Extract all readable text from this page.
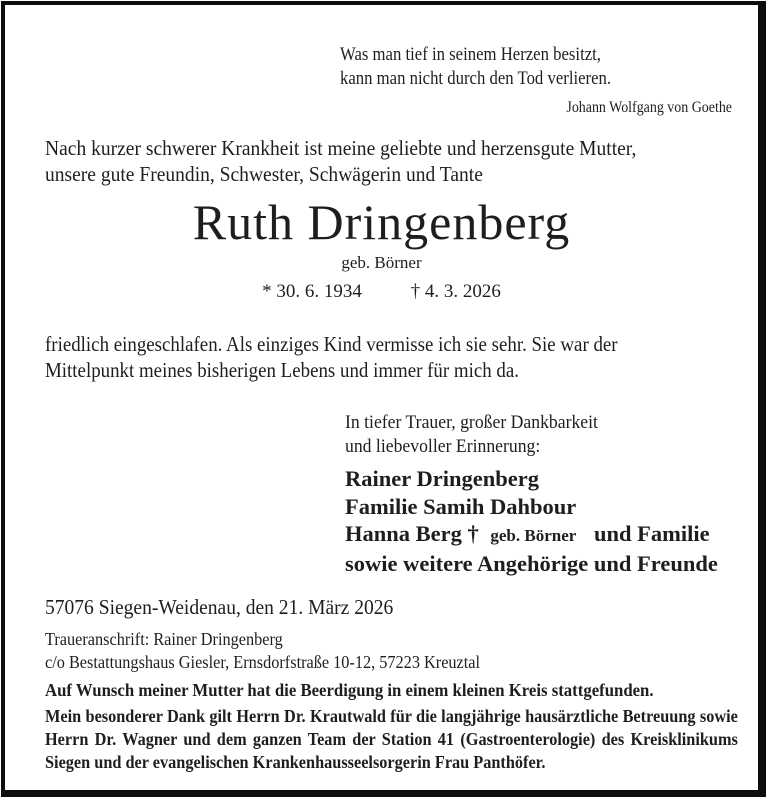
Was man tief in seinem Herzen besitzt,

kann man nicht durch den Tod verlieren.

Johann Wolfgang von Goethe

Nach kurzer schwerer Krankheit ist meine geliebte und herzensgute Mutter,

unsere gute Freundin, Schwester, Schwägerin und Tante

Ruth Dringenberg

geb. Börner

* 30. 6. 1934	† 4. 3. 2026

friedlich eingeschlafen. Als einziges Kind vermisse ich sie sehr. Sie war der

Mittelpunkt meines bisherigen Lebens und immer für mich da.

In tiefer Trauer, großer Dankbarkeit

und liebevoller Erinnerung:

Rainer Dringenberg

Familie Samih Dahbour

Hanna Berg † geb. Börner und Familie

sowie weitere Angehörige und Freunde

57076 Siegen-Weidenau, den 21. März 2026

Traueranschrift: Rainer Dringenberg

c/o Bestattungshaus Giesler, Ernsdorfstraße 10-12, 57223 Kreuztal

Auf Wunsch meiner Mutter hat die Beerdigung in einem kleinen Kreis stattgefunden.

Mein besonderer Dank gilt Herrn Dr. Krautwald für die langjährige hausärztliche Betreuung sowie Herrn Dr. Wagner und dem ganzen Team der Station 41 (Gastroenterologie) des Kreisklinikums Siegen und der evangelischen Krankenhausseelsorgerin Frau Panthöfer.
